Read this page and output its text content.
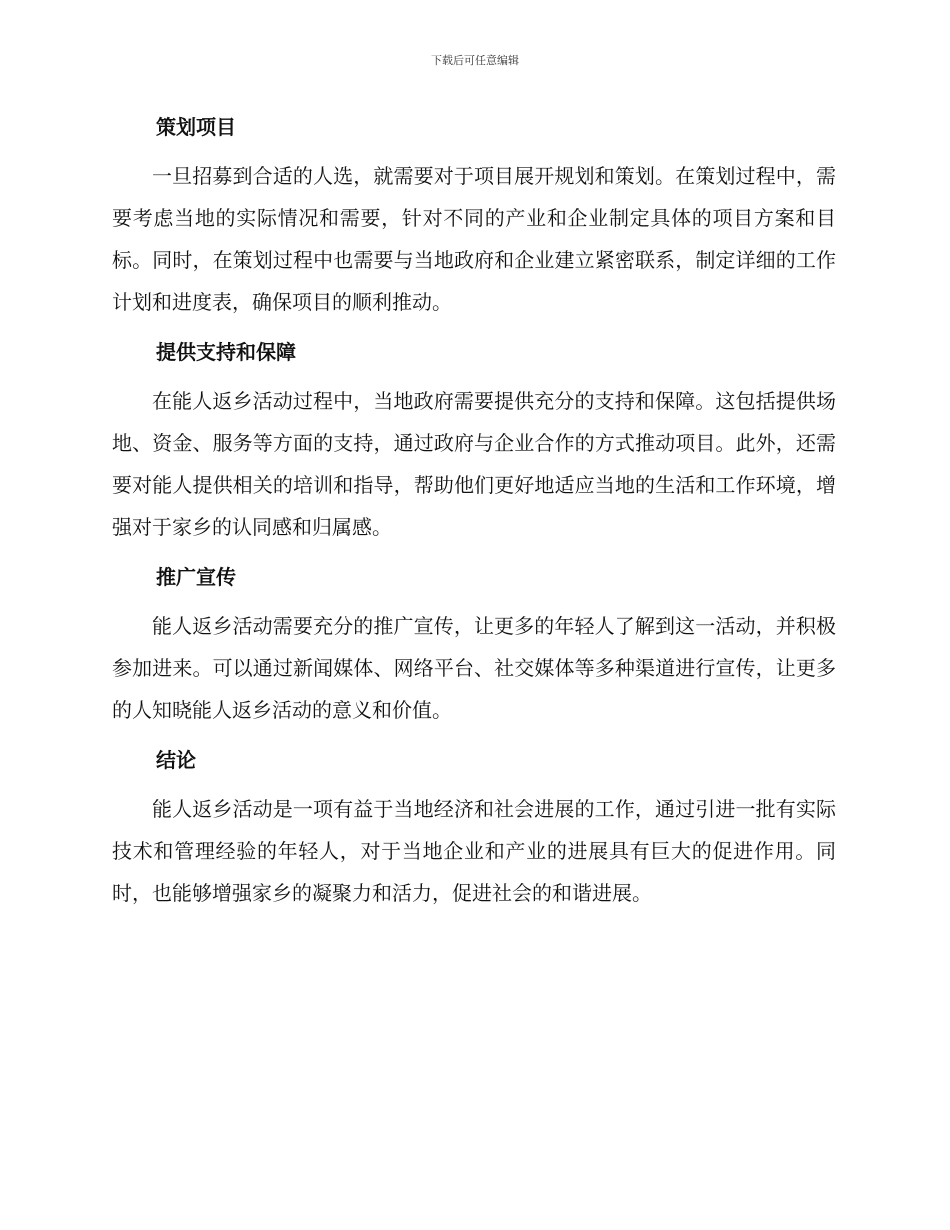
下载后可任意编辑
策划项目

一旦招募到合适的人选，就需要对于项目展开规划和策划。在策划过程中，需要考虑当地的实际情况和需要，针对不同的产业和企业制定具体的项目方案和目标。同时，在策划过程中也需要与当地政府和企业建立紧密联系，制定详细的工作计划和进度表，确保项目的顺利推动。

提供支持和保障

在能人返乡活动过程中，当地政府需要提供充分的支持和保障。这包括提供场地、资金、服务等方面的支持，通过政府与企业合作的方式推动项目。此外，还需要对能人提供相关的培训和指导，帮助他们更好地适应当地的生活和工作环境，增强对于家乡的认同感和归属感。

推广宣传

能人返乡活动需要充分的推广宣传，让更多的年轻人了解到这一活动，并积极参加进来。可以通过新闻媒体、网络平台、社交媒体等多种渠道进行宣传，让更多的人知晓能人返乡活动的意义和价值。

结论

能人返乡活动是一项有益于当地经济和社会进展的工作，通过引进一批有实际技术和管理经验的年轻人，对于当地企业和产业的进展具有巨大的促进作用。同时，也能够增强家乡的凝聚力和活力，促进社会的和谐进展。
